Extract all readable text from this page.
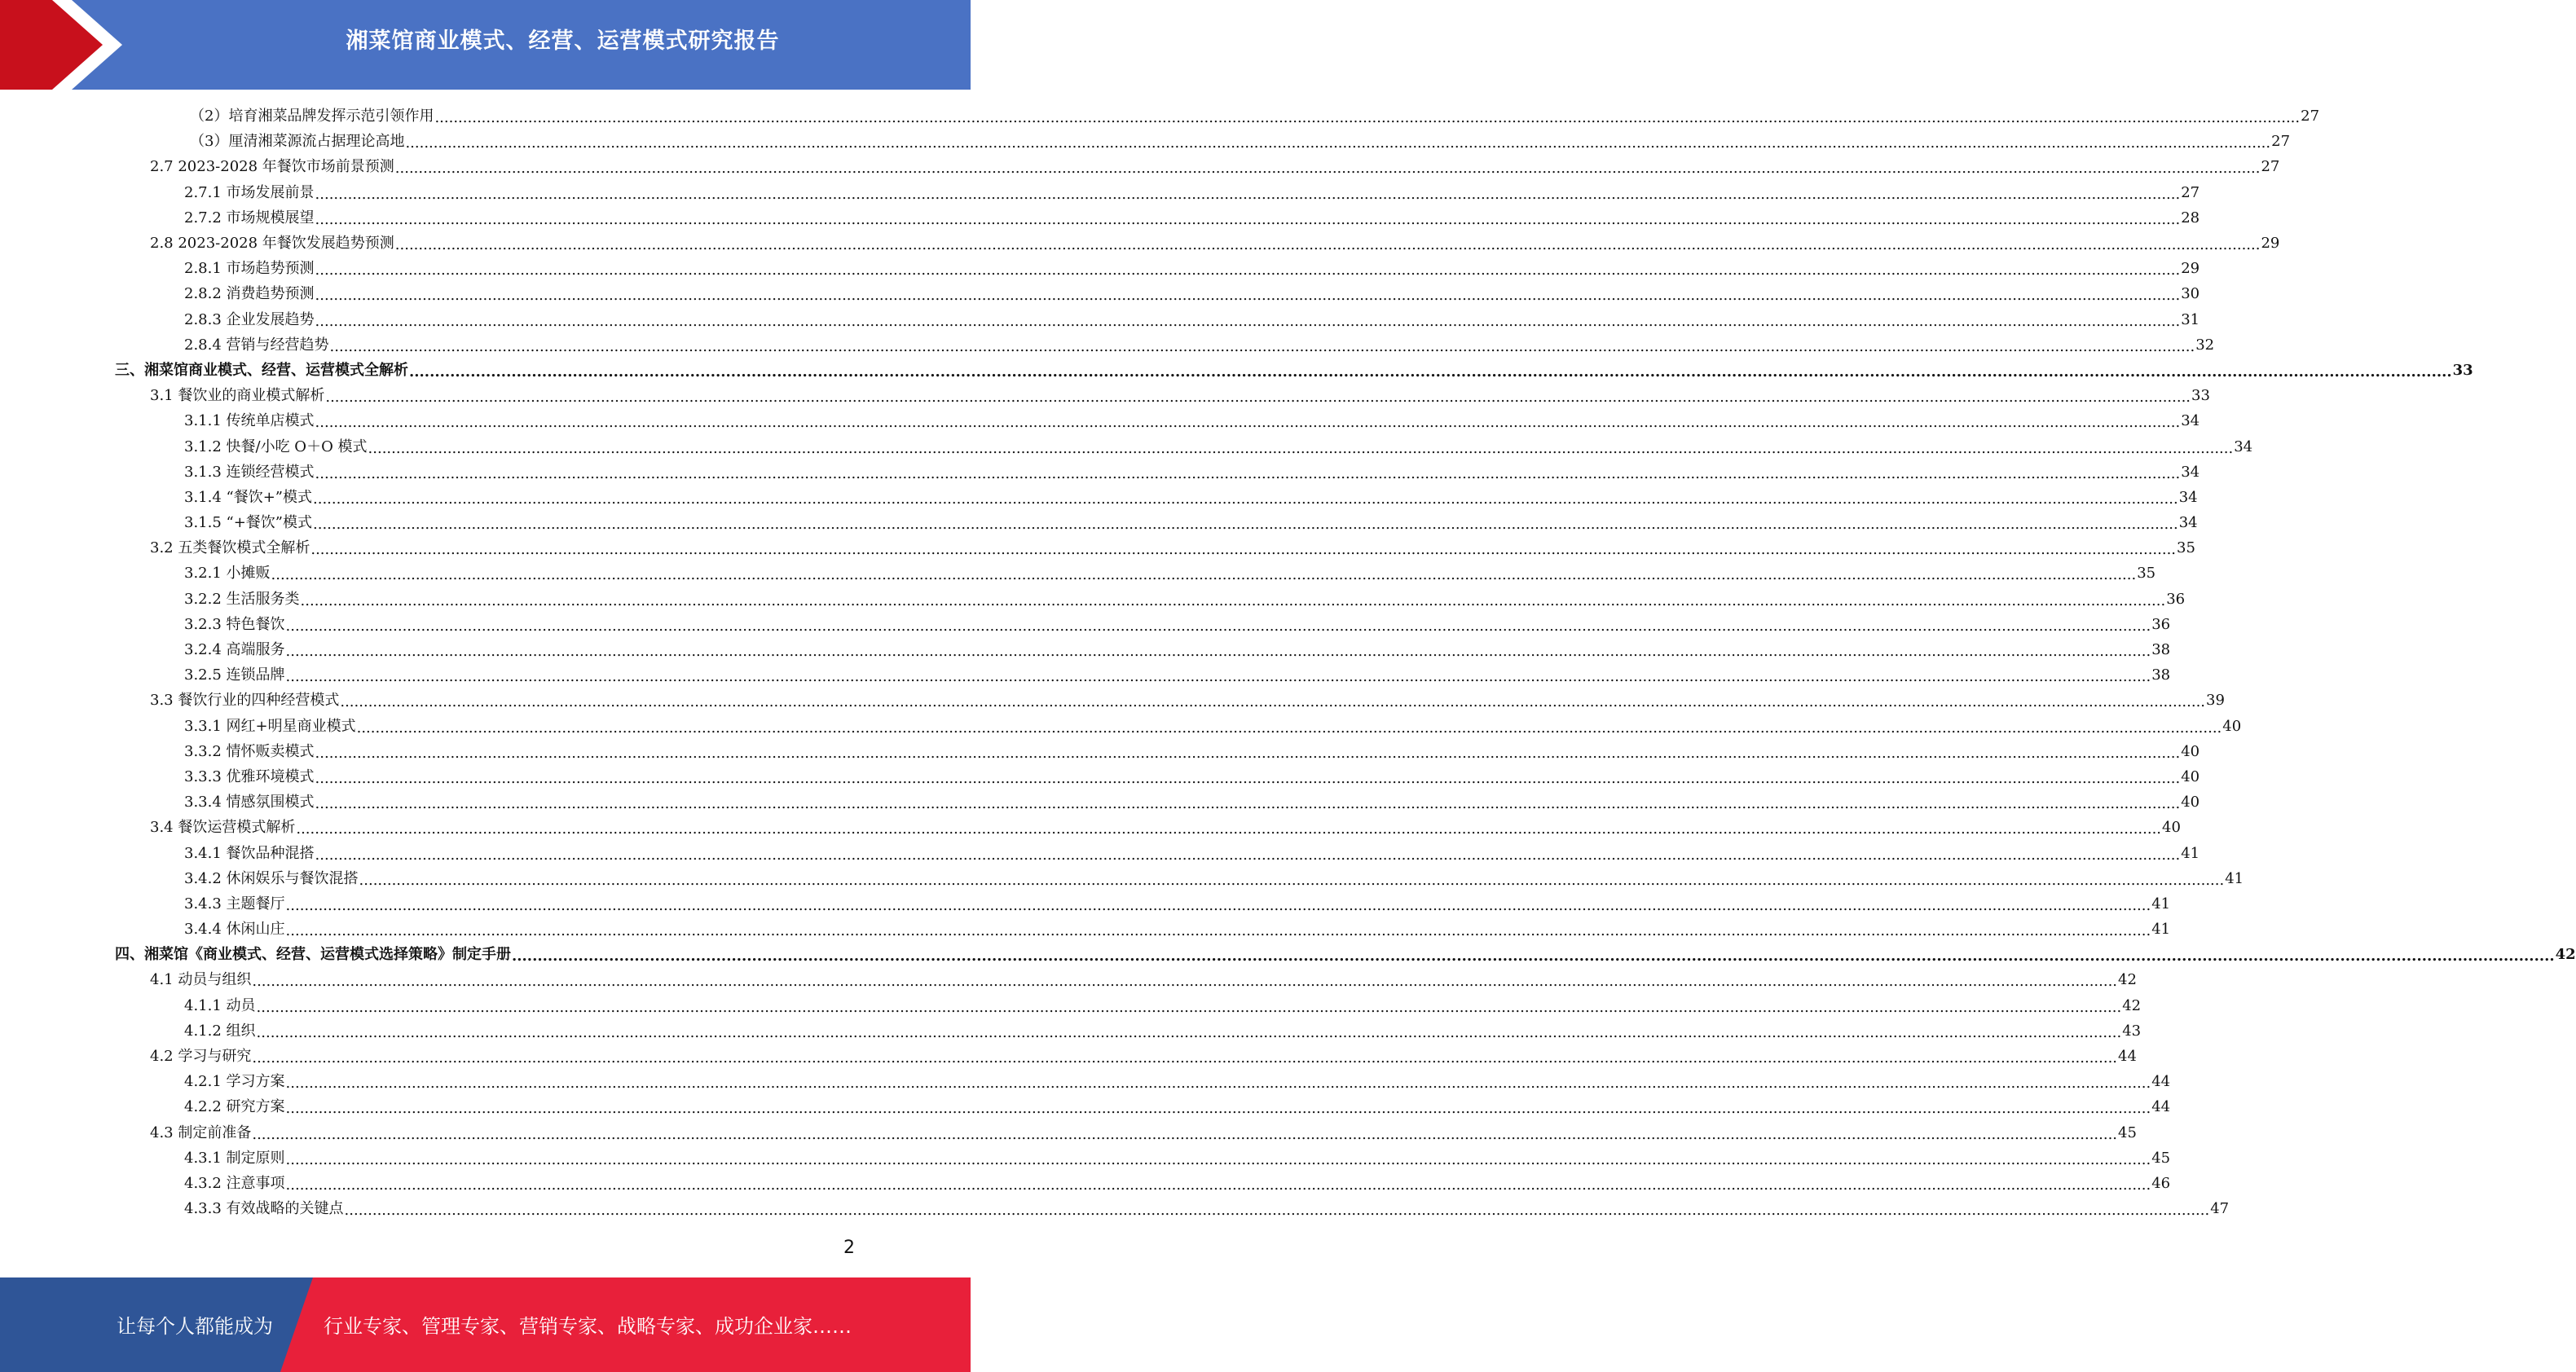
湘菜馆商业模式、经营、运营模式研究报告
（2）培育湘菜品牌发挥示范引领作用 ................................................................................................................................................................................................................................................................................................................................................................................................................ 27
（3）厘清湘菜源流占据理论高地 ................................................................................................................................................................................................................................................................................................................................................................................................................ 27
2.7 2023-2028 年餐饮市场前景预测 ................................................................................................................................................................................................................................................................................................................................................................................................................ 27
2.7.1 市场发展前景 ................................................................................................................................................................................................................................................................................................................................................................................................................ 27
2.7.2 市场规模展望 ................................................................................................................................................................................................................................................................................................................................................................................................................ 28
2.8 2023-2028 年餐饮发展趋势预测 ................................................................................................................................................................................................................................................................................................................................................................................................................ 29
2.8.1 市场趋势预测 ................................................................................................................................................................................................................................................................................................................................................................................................................ 29
2.8.2 消费趋势预测 ................................................................................................................................................................................................................................................................................................................................................................................................................ 30
2.8.3 企业发展趋势 ................................................................................................................................................................................................................................................................................................................................................................................................................ 31
2.8.4 营销与经营趋势 ................................................................................................................................................................................................................................................................................................................................................................................................................ 32
三、湘菜馆商业模式、经营、运营模式全解析 ................................................................................................................................................................................................................................................................................................................................................................................................................ 33
3.1 餐饮业的商业模式解析 ................................................................................................................................................................................................................................................................................................................................................................................................................ 33
3.1.1 传统单店模式 ................................................................................................................................................................................................................................................................................................................................................................................................................ 34
3.1.2 快餐/小吃 O＋O 模式 ................................................................................................................................................................................................................................................................................................................................................................................................................ 34
3.1.3 连锁经营模式 ................................................................................................................................................................................................................................................................................................................................................................................................................ 34
3.1.4 “餐饮+”模式 ................................................................................................................................................................................................................................................................................................................................................................................................................ 34
3.1.5 “+餐饮”模式 ................................................................................................................................................................................................................................................................................................................................................................................................................ 34
3.2 五类餐饮模式全解析 ................................................................................................................................................................................................................................................................................................................................................................................................................ 35
3.2.1 小摊贩 ................................................................................................................................................................................................................................................................................................................................................................................................................ 35
3.2.2 生活服务类 ................................................................................................................................................................................................................................................................................................................................................................................................................ 36
3.2.3 特色餐饮 ................................................................................................................................................................................................................................................................................................................................................................................................................ 36
3.2.4 高端服务 ................................................................................................................................................................................................................................................................................................................................................................................................................ 38
3.2.5 连锁品牌 ................................................................................................................................................................................................................................................................................................................................................................................................................ 38
3.3 餐饮行业的四种经营模式 ................................................................................................................................................................................................................................................................................................................................................................................................................ 39
3.3.1 网红+明星商业模式 ................................................................................................................................................................................................................................................................................................................................................................................................................ 40
3.3.2 情怀贩卖模式 ................................................................................................................................................................................................................................................................................................................................................................................................................ 40
3.3.3 优雅环境模式 ................................................................................................................................................................................................................................................................................................................................................................................................................ 40
3.3.4 情感氛围模式 ................................................................................................................................................................................................................................................................................................................................................................................................................ 40
3.4 餐饮运营模式解析 ................................................................................................................................................................................................................................................................................................................................................................................................................ 40
3.4.1 餐饮品种混搭 ................................................................................................................................................................................................................................................................................................................................................................................................................ 41
3.4.2 休闲娱乐与餐饮混搭 ................................................................................................................................................................................................................................................................................................................................................................................................................ 41
3.4.3 主题餐厅 ................................................................................................................................................................................................................................................................................................................................................................................................................ 41
3.4.4 休闲山庄 ................................................................................................................................................................................................................................................................................................................................................................................................................ 41
四、湘菜馆《商业模式、经营、运营模式选择策略》制定手册 ................................................................................................................................................................................................................................................................................................................................................................................................................ 42
4.1 动员与组织 ................................................................................................................................................................................................................................................................................................................................................................................................................ 42
4.1.1 动员 ................................................................................................................................................................................................................................................................................................................................................................................................................ 42
4.1.2 组织 ................................................................................................................................................................................................................................................................................................................................................................................................................ 43
4.2 学习与研究 ................................................................................................................................................................................................................................................................................................................................................................................................................ 44
4.2.1 学习方案 ................................................................................................................................................................................................................................................................................................................................................................................................................ 44
4.2.2 研究方案 ................................................................................................................................................................................................................................................................................................................................................................................................................ 44
4.3 制定前准备 ................................................................................................................................................................................................................................................................................................................................................................................................................ 45
4.3.1 制定原则 ................................................................................................................................................................................................................................................................................................................................................................................................................ 45
4.3.2 注意事项 ................................................................................................................................................................................................................................................................................................................................................................................................................ 46
4.3.3 有效战略的关键点 ................................................................................................................................................................................................................................................................................................................................................................................................................ 47
2
让每个人都能成为	行业专家、管理专家、营销专家、战略专家、成功企业家……
